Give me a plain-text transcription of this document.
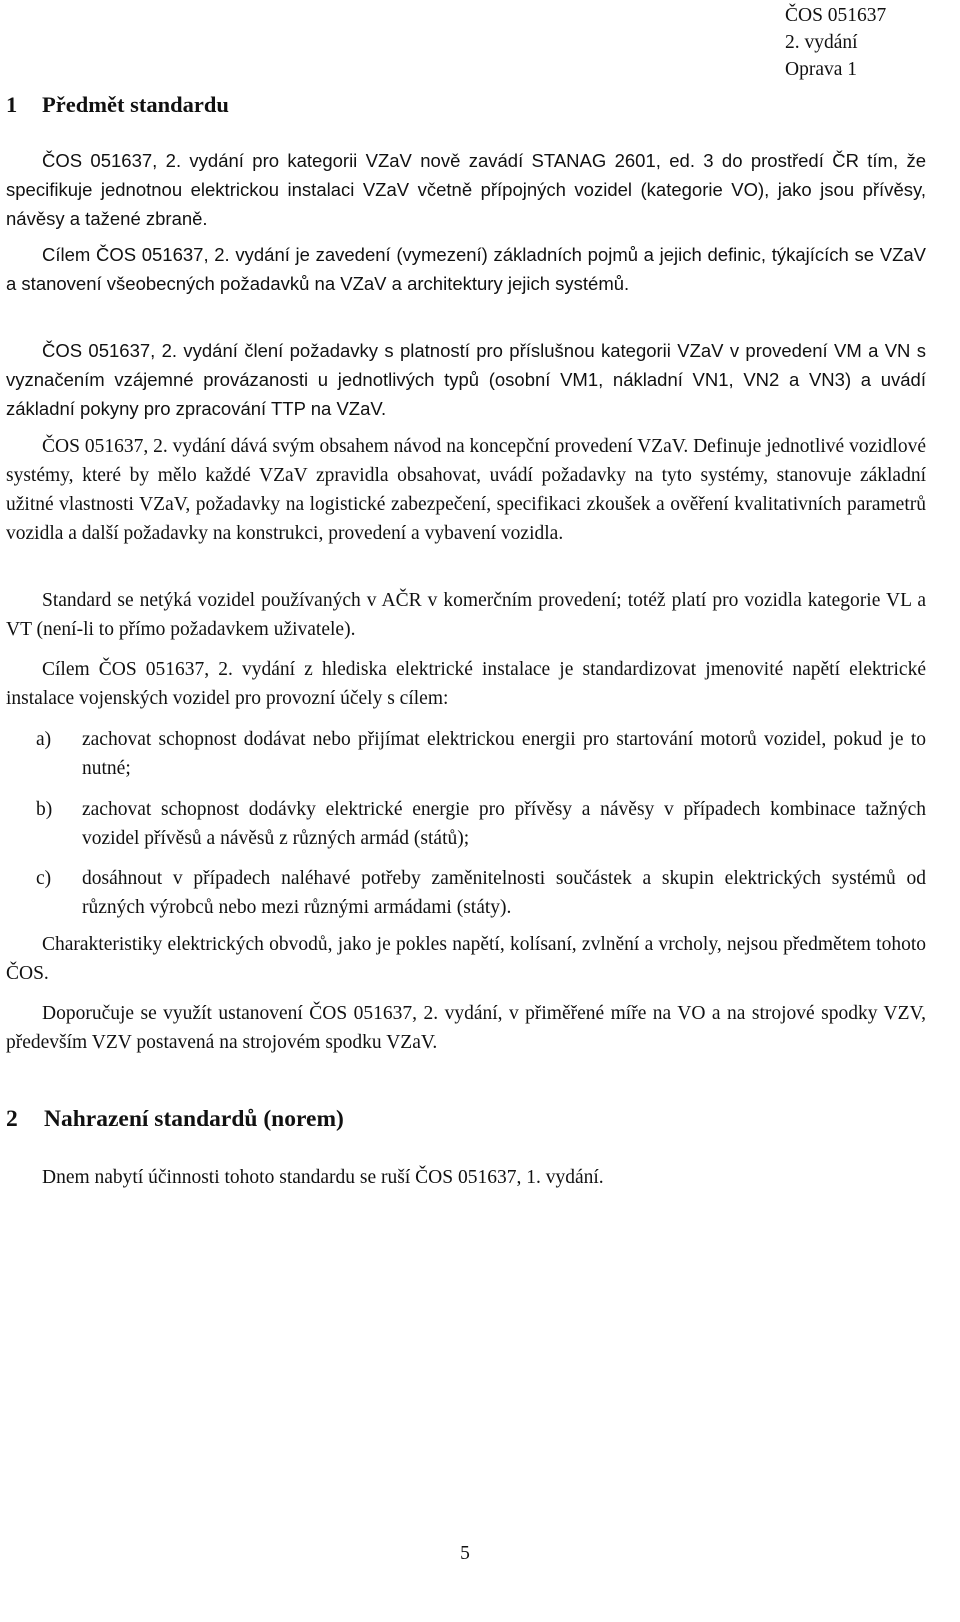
ČOS 051637
2. vydání
Oprava 1
1 Předmět standardu

ČOS 051637, 2. vydání pro kategorii VZaV nově zavádí STANAG 2601, ed. 3 do prostředí ČR tím, že specifikuje jednotnou elektrickou instalaci VZaV včetně přípojných vozidel (kategorie VO), jako jsou přívěsy, návěsy a tažené zbraně.

Cílem ČOS 051637, 2. vydání je zavedení (vymezení) základních pojmů a jejich definic, týkajících se VZaV a stanovení všeobecných požadavků na VZaV a architektury jejich systémů.

ČOS 051637, 2. vydání člení požadavky s platností pro příslušnou kategorii VZaV v provedení VM a VN s vyznačením vzájemné provázanosti u jednotlivých typů (osobní VM1, nákladní VN1, VN2 a VN3) a uvádí základní pokyny pro zpracování TTP na VZaV.

ČOS 051637, 2. vydání dává svým obsahem návod na koncepční provedení VZaV. Definuje jednotlivé vozidlové systémy, které by mělo každé VZaV zpravidla obsahovat, uvádí požadavky na tyto systémy, stanovuje základní užitné vlastnosti VZaV, požadavky na logistické zabezpečení, specifikaci zkoušek a ověření kvalitativních parametrů vozidla a další požadavky na konstrukci, provedení a vybavení vozidla.

Standard se netýká vozidel používaných v AČR v komerčním provedení; totéž platí pro vozidla kategorie VL a VT (není-li to přímo požadavkem uživatele).

Cílem ČOS 051637, 2. vydání z hlediska elektrické instalace je standardizovat jmenovité napětí elektrické instalace vojenských vozidel pro provozní účely s cílem:

a)	zachovat schopnost dodávat nebo přijímat elektrickou energii pro startování motorů vozidel, pokud je to nutné;
b)	zachovat schopnost dodávky elektrické energie pro přívěsy a návěsy v případech kombinace tažných vozidel přívěsů a návěsů z různých armád (států);
c)	dosáhnout v případech naléhavé potřeby zaměnitelnosti součástek a skupin elektrických systémů od různých výrobců nebo mezi různými armádami (státy).

Charakteristiky elektrických obvodů, jako je pokles napětí, kolísaní, zvlnění a vrcholy, nejsou předmětem tohoto ČOS.

Doporučuje se využít ustanovení ČOS 051637, 2. vydání, v přiměřené míře na VO a na strojové spodky VZV, především VZV postavená na strojovém spodku VZaV.

2 Nahrazení standardů (norem)

Dnem nabytí účinnosti tohoto standardu se ruší ČOS 051637, 1. vydání.

5
